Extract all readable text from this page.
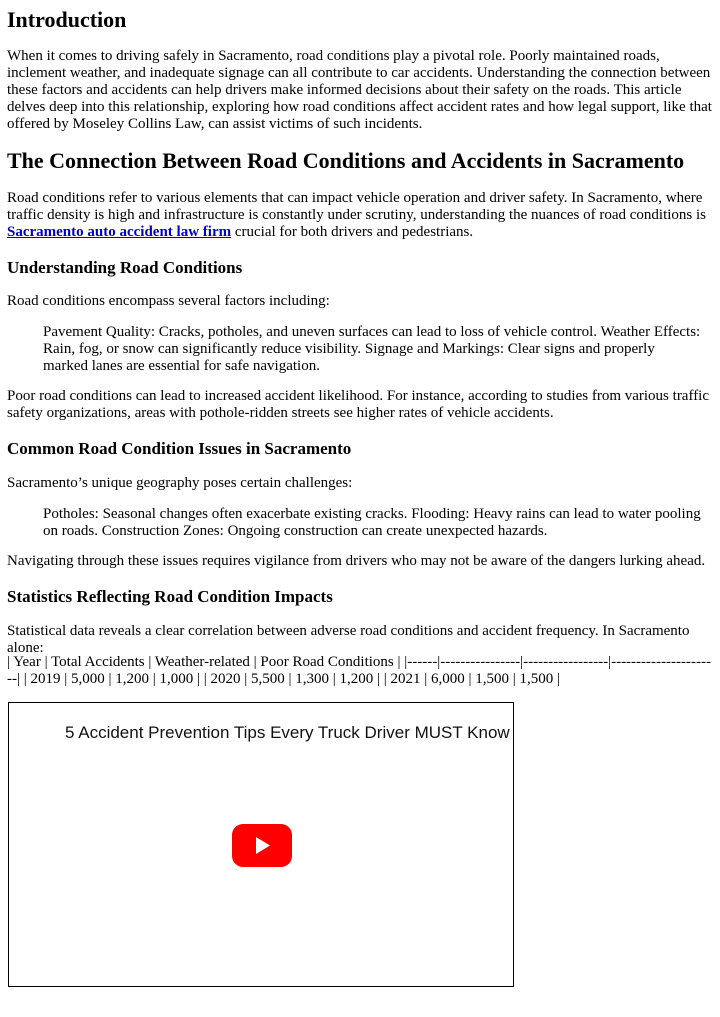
Introduction

When it comes to driving safely in Sacramento, road conditions play a pivotal role. Poorly maintained roads, inclement weather, and inadequate signage can all contribute to car accidents. Understanding the connection between these factors and accidents can help drivers make informed decisions about their safety on the roads. This article delves deep into this relationship, exploring how road conditions affect accident rates and how legal support, like that offered by Moseley Collins Law, can assist victims of such incidents.

The Connection Between Road Conditions and Accidents in Sacramento

Road conditions refer to various elements that can impact vehicle operation and driver safety. In Sacramento, where traffic density is high and infrastructure is constantly under scrutiny, understanding the nuances of road conditions is Sacramento auto accident law firm crucial for both drivers and pedestrians.

Understanding Road Conditions

Road conditions encompass several factors including:

Pavement Quality: Cracks, potholes, and uneven surfaces can lead to loss of vehicle control. Weather Effects: Rain, fog, or snow can significantly reduce visibility. Signage and Markings: Clear signs and properly marked lanes are essential for safe navigation.

Poor road conditions can lead to increased accident likelihood. For instance, according to studies from various traffic safety organizations, areas with pothole-ridden streets see higher rates of vehicle accidents.

Common Road Condition Issues in Sacramento

Sacramento’s unique geography poses certain challenges:

Potholes: Seasonal changes often exacerbate existing cracks. Flooding: Heavy rains can lead to water pooling on roads. Construction Zones: Ongoing construction can create unexpected hazards.

Navigating through these issues requires vigilance from drivers who may not be aware of the dangers lurking ahead.

Statistics Reflecting Road Condition Impacts

Statistical data reveals a clear correlation between adverse road conditions and accident frequency. In Sacramento alone:

| Year | Total Accidents | Weather-related | Poor Road Conditions | |------|----------------|-----------------|----------------------| | 2019 | 5,000 | 1,200 | 1,000 | | 2020 | 5,500 | 1,300 | 1,200 | | 2021 | 6,000 | 1,500 | 1,500 |

5 Accident Prevention Tips Every Truck Driver MUST Know
